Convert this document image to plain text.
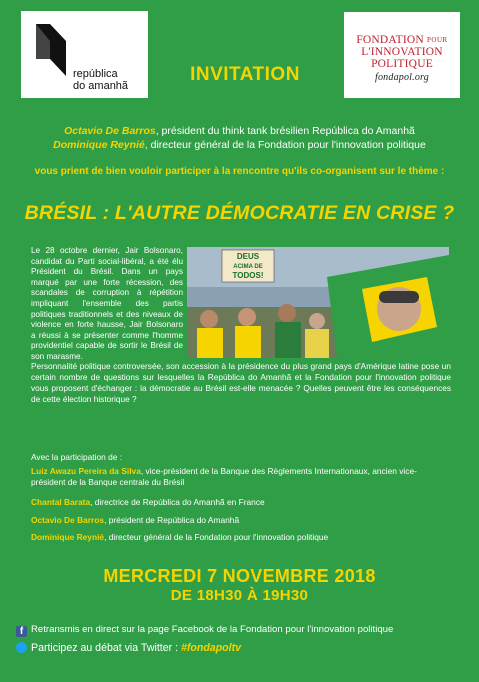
república
do amanhã
FONDATION POUR
L'INNOVATION
POLITIQUE
fondapol.org
INVITATION
Octavio De Barros, président du think tank brésilien República do Amanhã
Dominique Reynié, directeur général de la Fondation pour l'innovation politique
vous prient de bien vouloir participer à la rencontre qu'ils co-organisent sur le thème :
BRÉSIL : L'AUTRE DÉMOCRATIE EN CRISE ?
Le 28 octobre dernier, Jair Bolsonaro, candidat du Parti social-libéral, a été élu Président du Brésil. Dans un pays marqué par une forte récession, des scandales de corruption à répétition impliquant l'ensemble des partis politiques traditionnels et des niveaux de violence en forte hausse, Jair Bolsonaro a réussi à se présenter comme l'homme providentiel capable de sortir le Brésil de son marasme.
DEUS
ACIMA DE
TODOS!
Personnalité politique controversée, son accession à la présidence du plus grand pays d'Amérique latine pose un certain nombre de questions sur lesquelles la República do Amanhã et la Fondation pour l'innovation politique vous proposent d'échanger : la démocratie au Brésil est-elle menacée ? Quelles peuvent être les conséquences de cette élection historique ?
Avec la participation de :
Luiz Awazu Pereira da Silva, vice-président de la Banque des Règlements Internationaux, ancien vice-président de la Banque centrale du Brésil
Chantal Barata, directrice de República do Amanhã en France
Octavio De Barros, président de República do Amanhã
Dominique Reynié, directeur général de la Fondation pour l'innovation politique
MERCREDI 7 NOVEMBRE 2018
DE 18H30 À 19H30
f Retransmis en direct sur la page Facebook de la Fondation pour l'innovation politique
Participez au débat via Twitter : #fondapoltv
